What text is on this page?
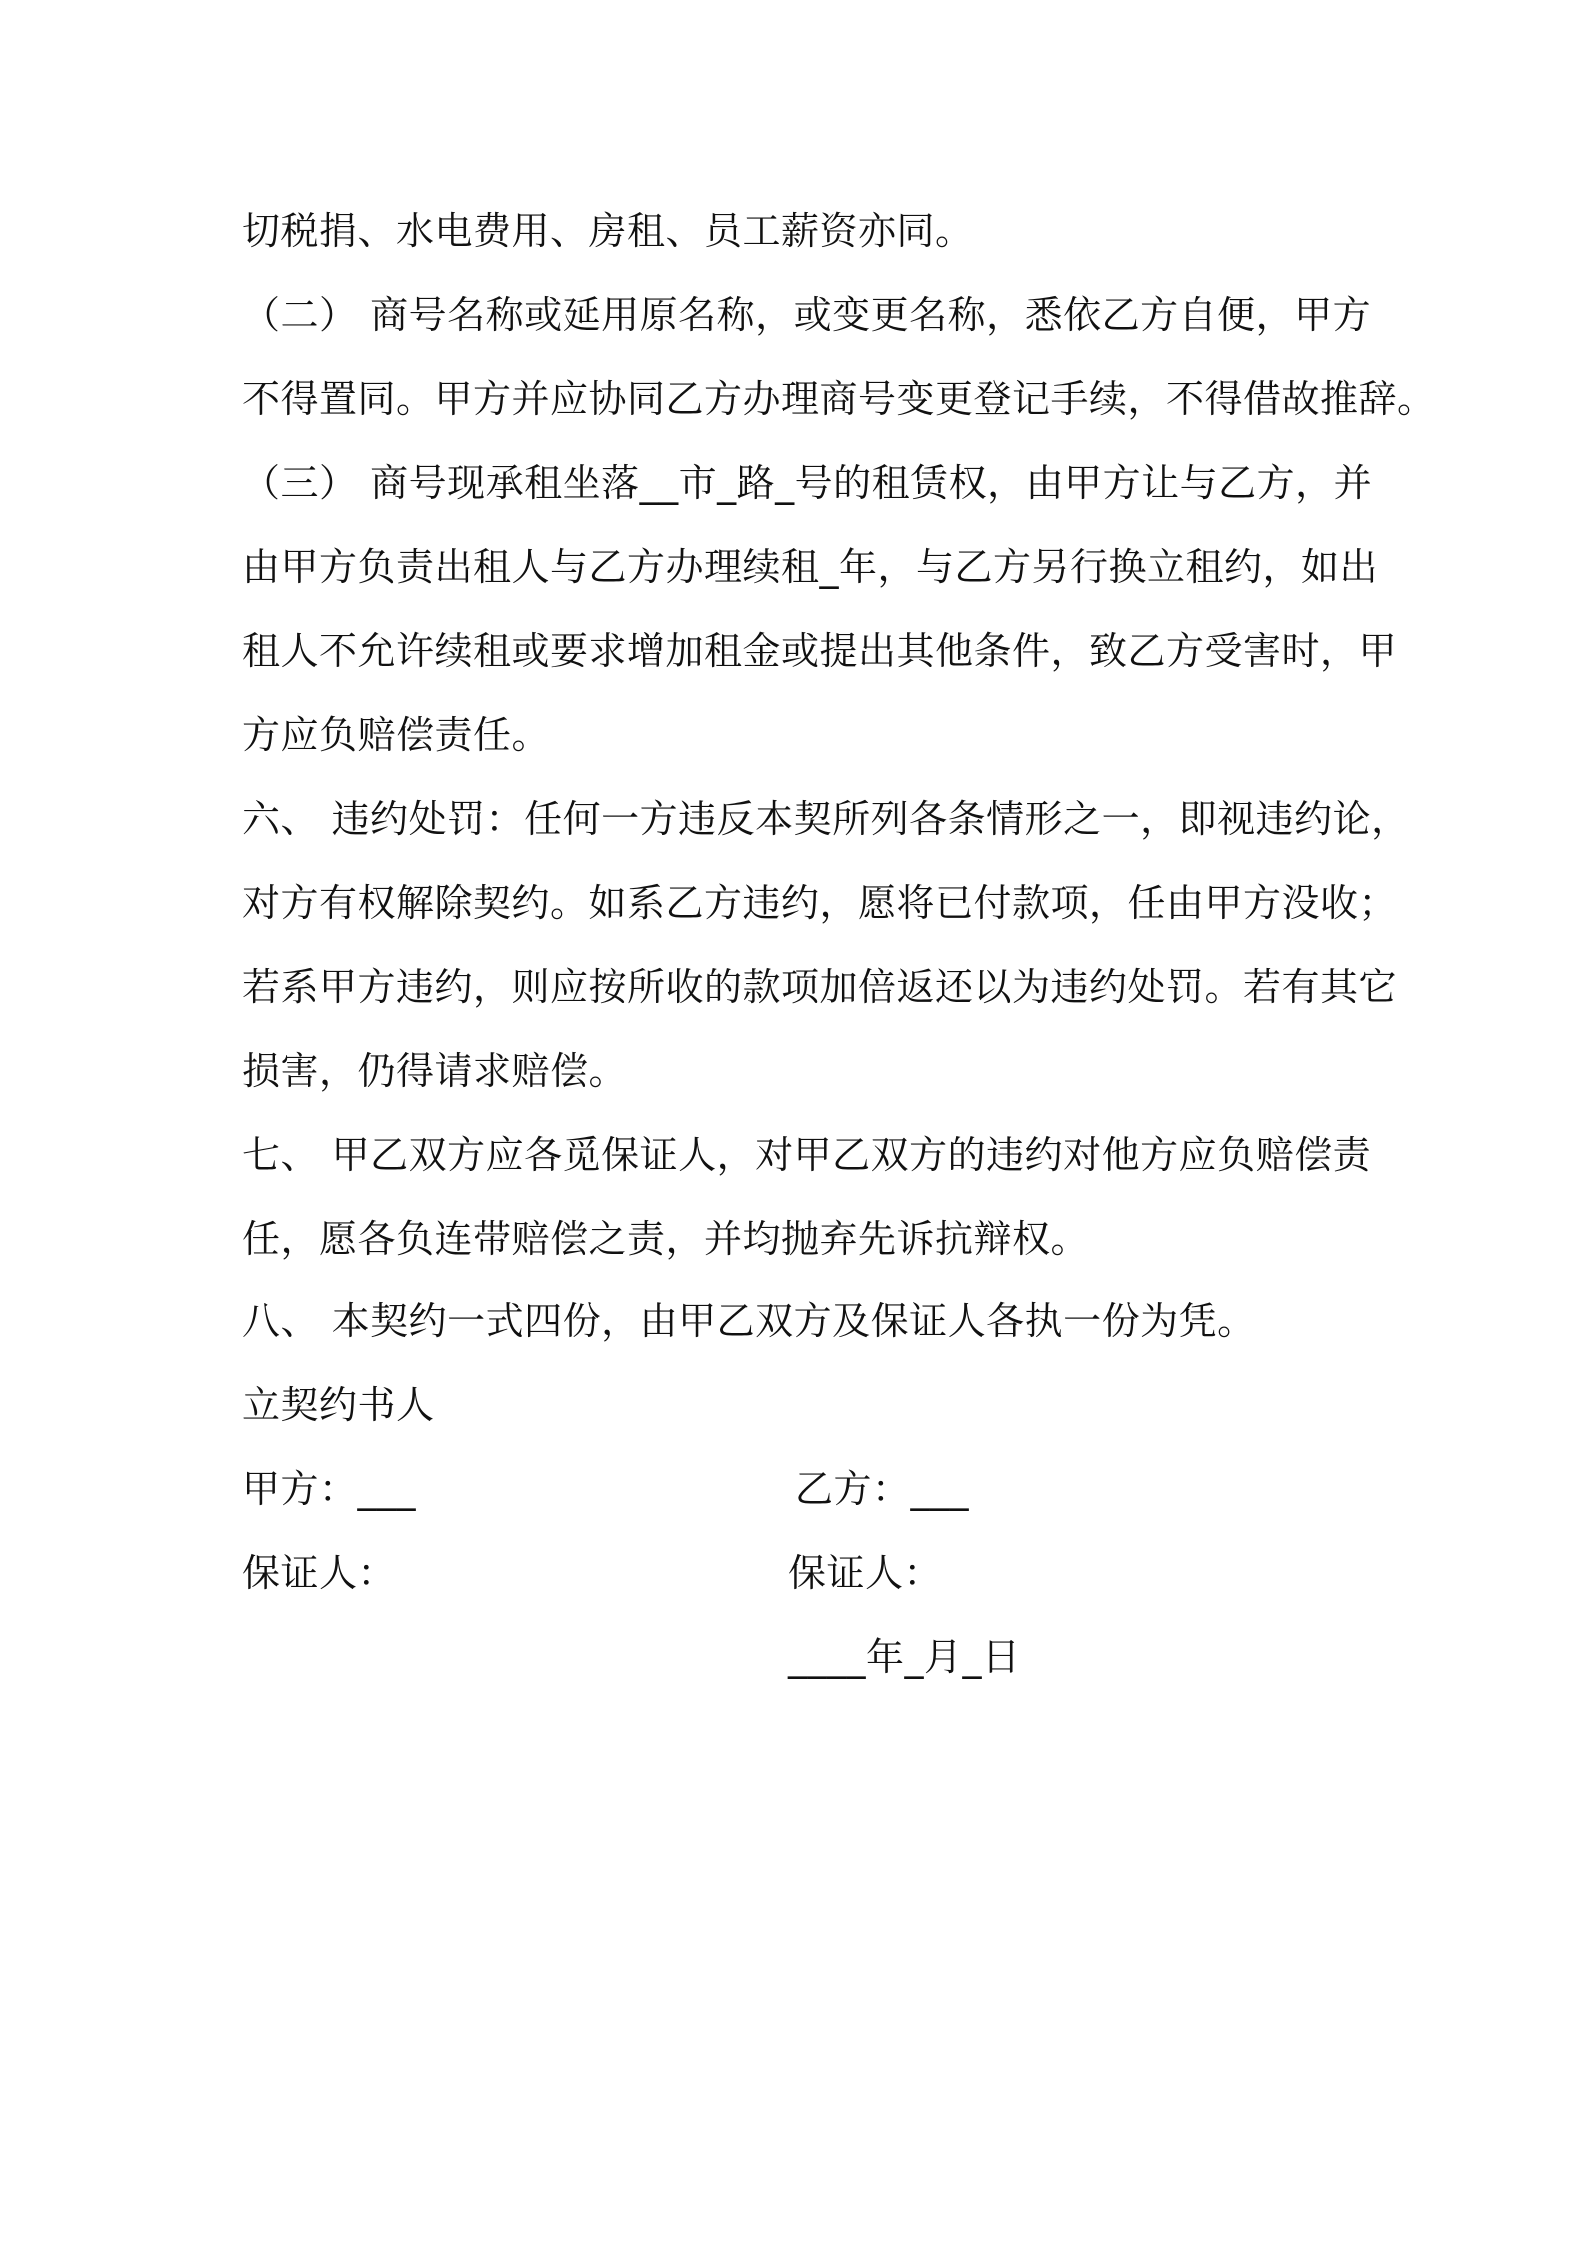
切税捐、水电费用、房租、员工薪资亦同。
（二） 商号名称或延用原名称，或变更名称，悉依乙方自便，甲方
不得置同。甲方并应协同乙方办理商号变更登记手续，不得借故推辞。
（三） 商号现承租坐落__市_路_号的租赁权，由甲方让与乙方，并
由甲方负责出租人与乙方办理续租_年，与乙方另行换立租约，如出
租人不允许续租或要求增加租金或提出其他条件，致乙方受害时，甲
方应负赔偿责任。
六、 违约处罚：任何一方违反本契所列各条情形之一，即视违约论，
对方有权解除契约。如系乙方违约，愿将已付款项，任由甲方没收；
若系甲方违约，则应按所收的款项加倍返还以为违约处罚。若有其它
损害，仍得请求赔偿。
七、 甲乙双方应各觅保证人，对甲乙双方的违约对他方应负赔偿责
任，愿各负连带赔偿之责，并均抛弃先诉抗辩权。
八、 本契约一式四份，由甲乙双方及保证人各执一份为凭。
立契约书人
甲方：___	乙方：___
保证人：	保证人：
____年_月_日
